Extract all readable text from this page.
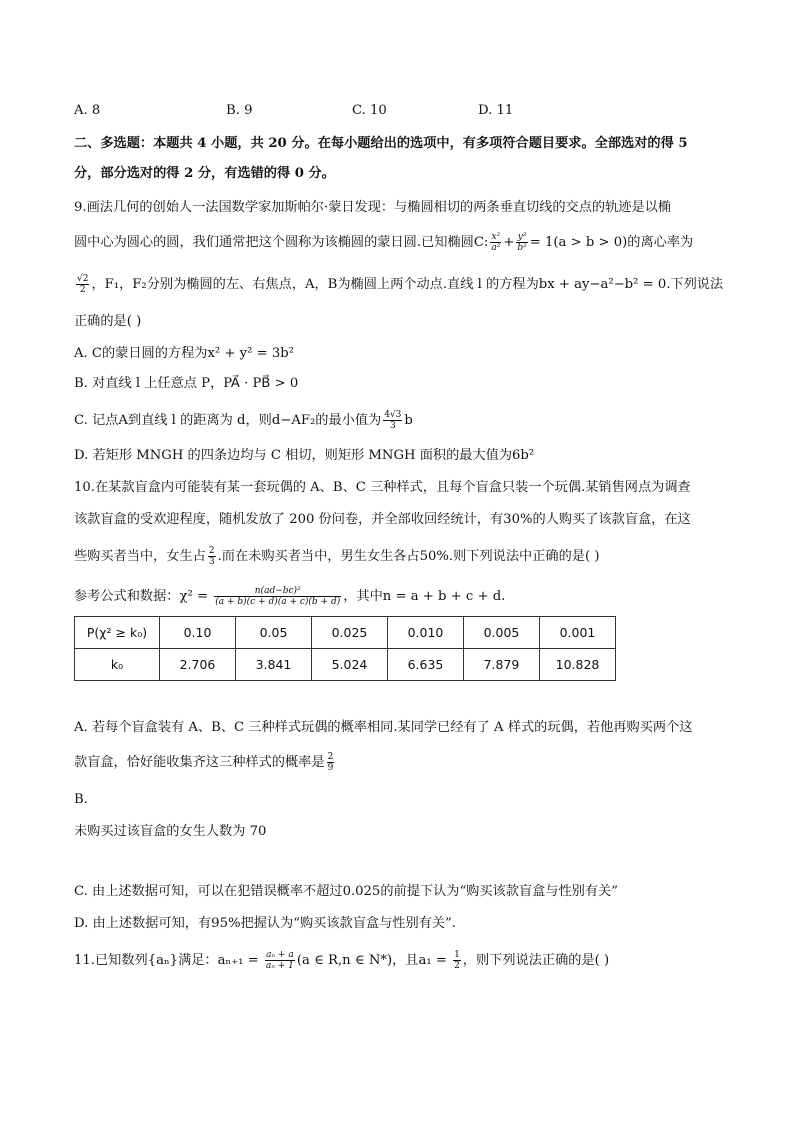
A. 8	B. 9	C. 10	D. 11
二、多选题：本题共 4 小题，共 20 分。在每小题给出的选项中，有多项符合题目要求。全部选对的得 5
分，部分选对的得 2 分，有选错的得 0 分。
9.画法几何的创始人一法国数学家加斯帕尔·蒙日发现：与椭圆相切的两条垂直切线的交点的轨迹是以椭
圆中心为圆心的圆，我们通常把这个圆称为该椭圆的蒙日圆.已知椭圆C: $\frac{\text{x²}}{\text{a²}} + \frac{\text{y²}}{\text{b²}} = 1(a > b > 0)$的离心率为
$\frac{√2}{2}$ ，F₁，F₂分别为椭圆的左、右焦点，A，B为椭圆上两个动点.直线 l 的方程为bx + ay−a²−b² = 0.下列说法
正确的是( )
A. C的蒙日圆的方程为x² + y² = 3b²
B. 对直线 l 上任意点 P，PA⃗ · PB⃗ > 0
C. 记点A到直线 l 的距离为 d，则d−AF₂的最小值为 $\frac{4√3}{3}$ b
D. 若矩形 MNGH 的四条边均与 C 相切，则矩形 MNGH 面积的最大值为6b²
10.在某款盲盒内可能装有某一套玩偶的 A、B、C 三种样式，且每个盲盒只装一个玩偶.某销售网点为调查
该款盲盒的受欢迎程度，随机发放了 200 份问卷，并全部收回经统计，有30%的人购买了该款盲盒，在这
些购买者当中，女生占 $\frac{2}{3}$ .而在未购买者当中，男生女生各占50%.则下列说法中正确的是( )
参考公式和数据：$\chi^2 = \frac{\text{n(ad−bc)²}}{(a + b)(c + d)(a + c)(b + d)}$ ，其中n = a + b + c + d.
P(χ² ≥ k₀)	0.10	0.05	0.025	0.010	0.005	0.001
k₀	2.706	3.841	5.024	6.635	7.879	10.828
A. 若每个盲盒装有 A、B、C 三种样式玩偶的概率相同.某同学已经有了 A 样式的玩偶，若他再购买两个这
款盲盒，恰好能收集齐这三种样式的概率是 $\frac{2}{9}$
B.
未购买过该盲盒的女生人数为 70
C. 由上述数据可知，可以在犯错误概率不超过0.025的前提下认为“购买该款盲盒与性别有关”
D. 由上述数据可知，有95%把握认为“购买该款盲盒与性别有关”.
11.已知数列{aₙ}满足：$a_{n+1} = \frac{\text{aₙ + a}}{\text{aₙ + 1}} (a$ ∈ R,n ∈ N*)，且$a_1 = \frac{1}{2}$ ，则下列说法正确的是( )
